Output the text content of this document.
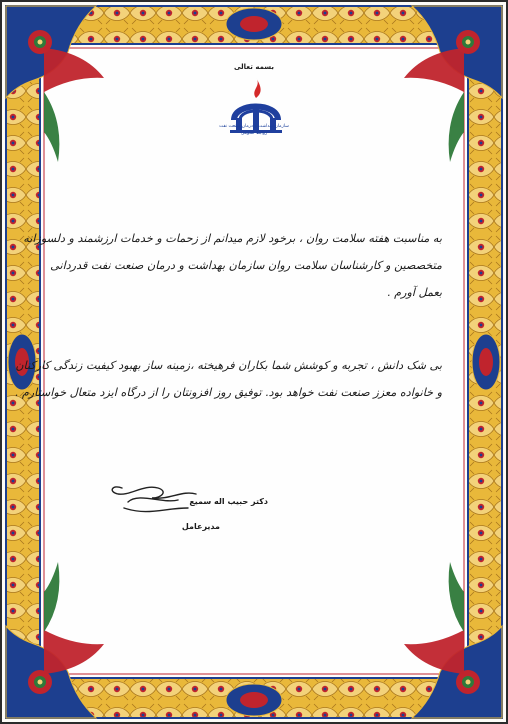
بسمه تعالی
سازمان بهداشت و درمان صنعت نفت
روابط عمومی
به مناسبت هفته سلامت روان ، برخود لازم میدانم از زحمات و خدمات ارزشمند و دلسوزانه
متخصصین و کارشناسان سلامت روان سازمان بهداشت و درمان صنعت نفت قدردانی
بعمل آورم .
بی شک دانش ، تجربه و کوشش شما بکاران فرهیخته ،زمینه ساز بهبود کیفیت زندگی کارکنان
و خانواده معزز صنعت نفت خواهد بود. توفیق روز افزونتان را از درگاه ایزد متعال خواستارم .
دکتر حبیب اله سمیع
مدیرعامل
